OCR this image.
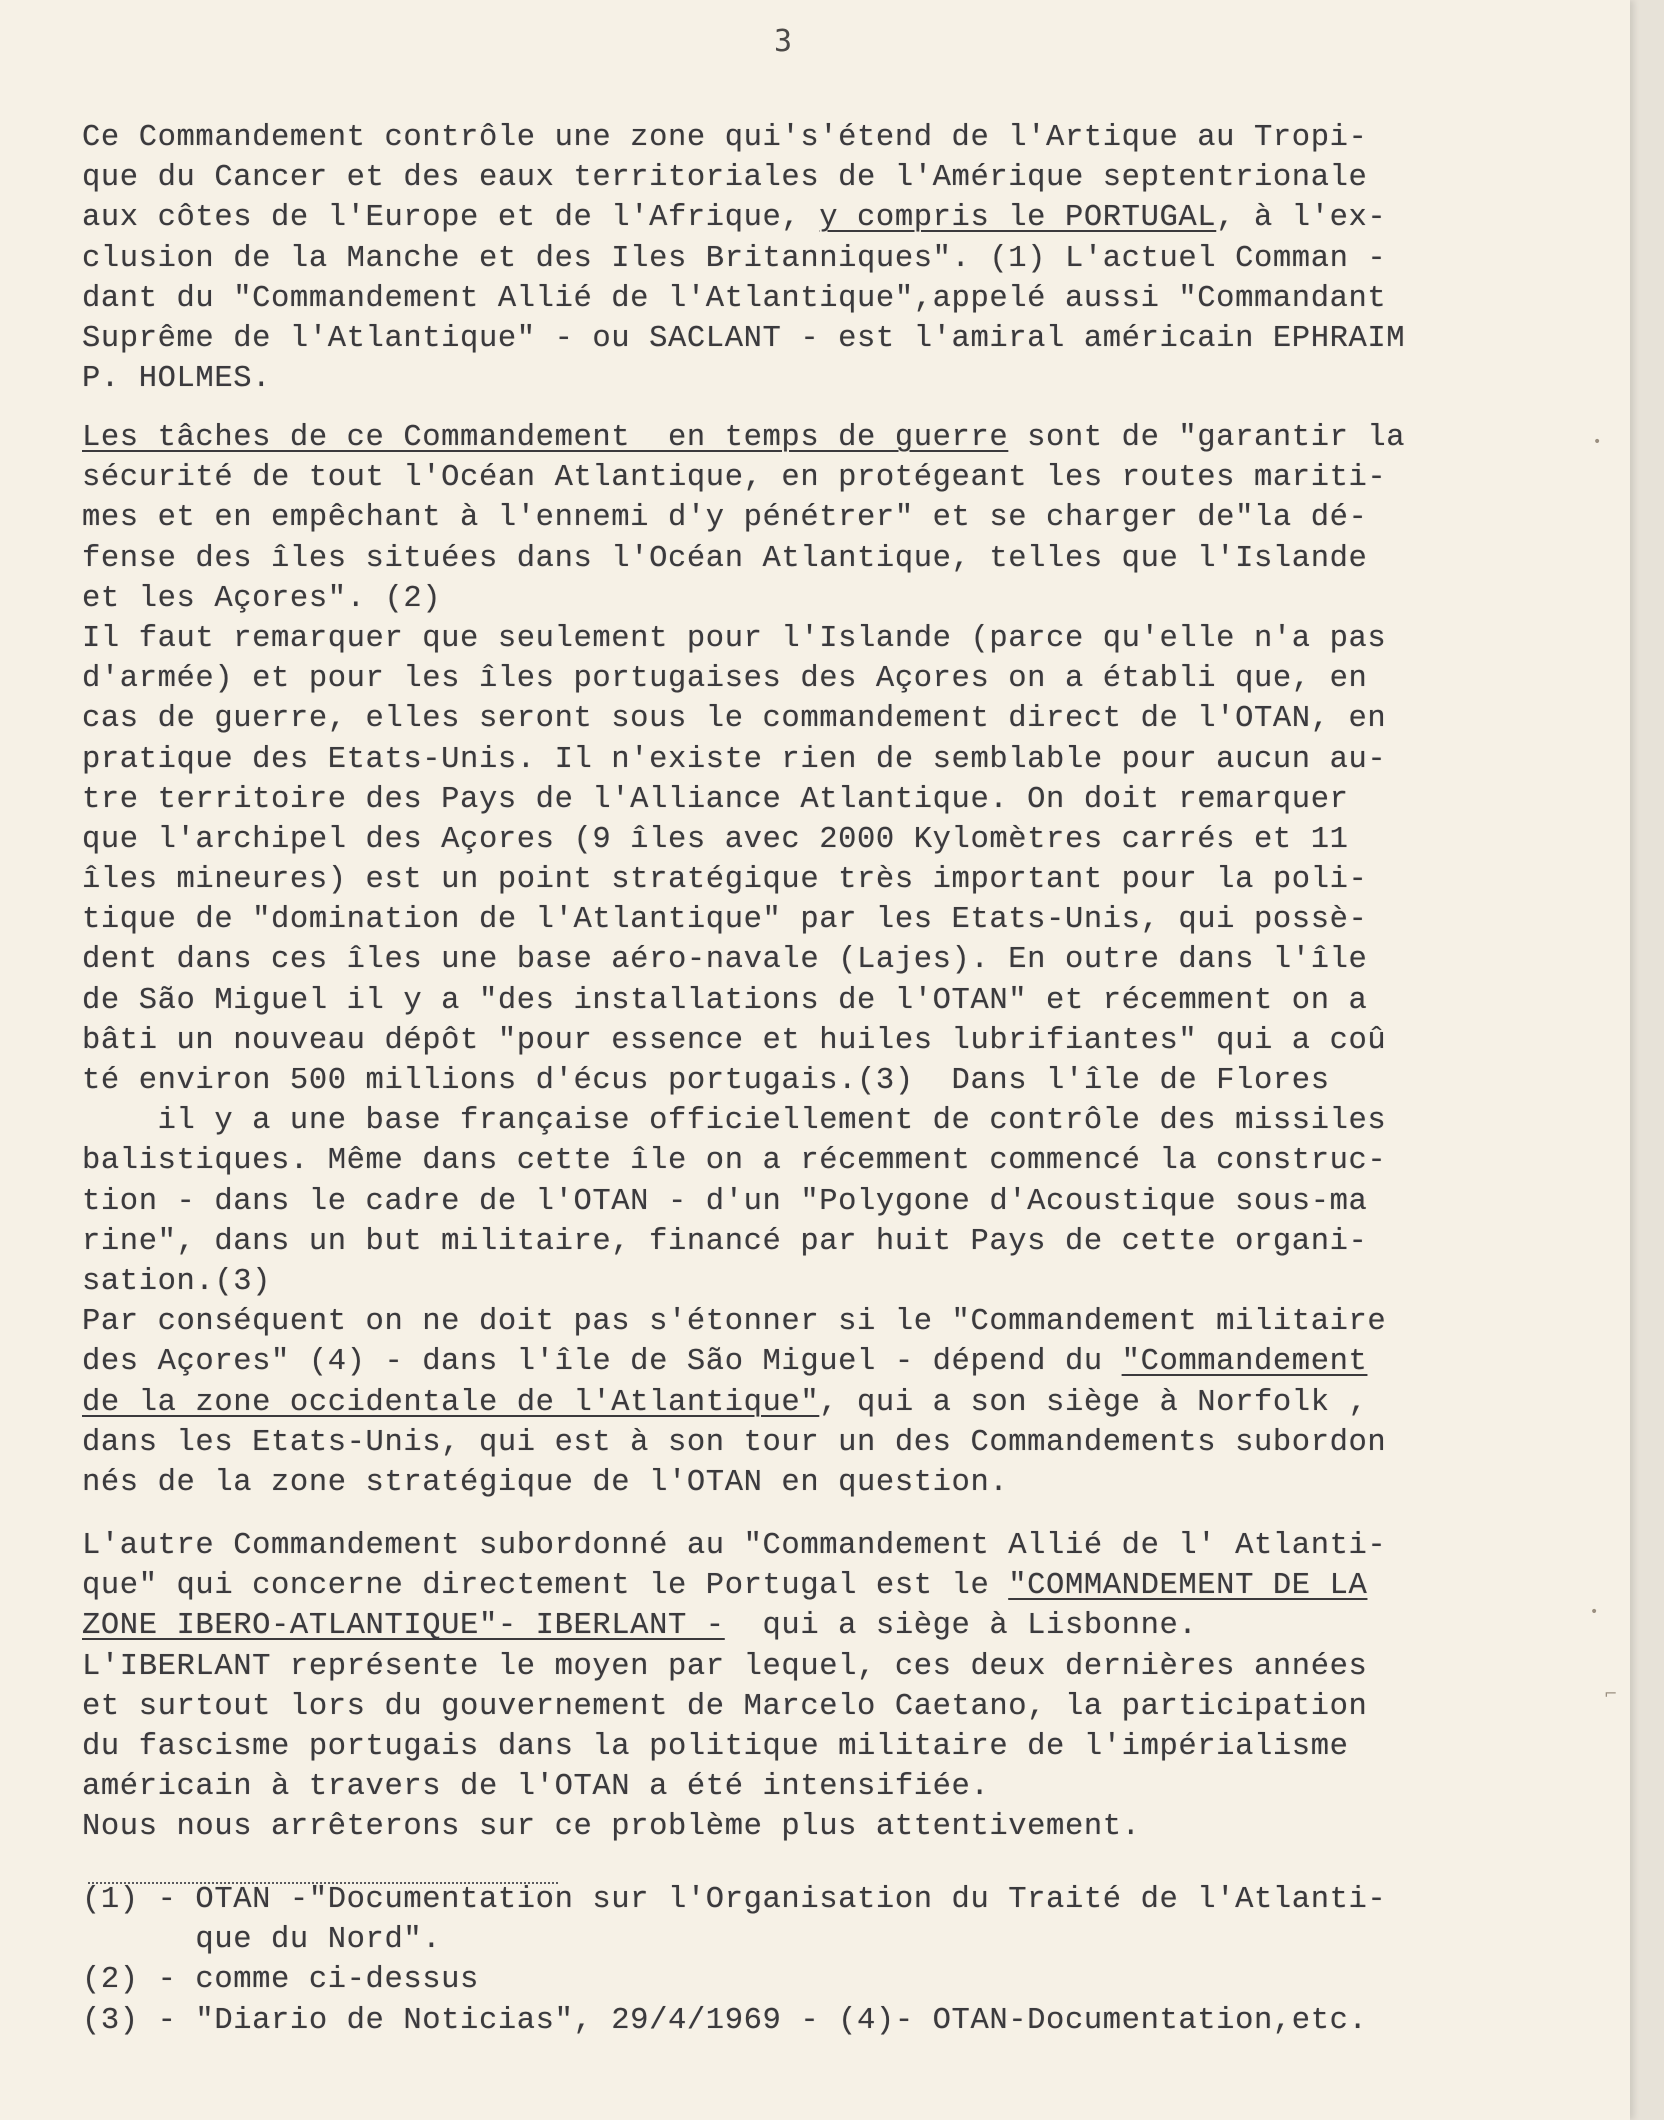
3
Ce Commandement contrôle une zone qui's'étend de l'Artique au Tropi-
que du Cancer et des eaux territoriales de l'Amérique septentrionale
aux côtes de l'Europe et de l'Afrique, y compris le PORTUGAL, à l'ex-
clusion de la Manche et des Iles Britanniques". (1) L'actuel Comman -
dant du "Commandement Allié de l'Atlantique",appelé aussi "Commandant
Suprême de l'Atlantique" - ou SACLANT - est l'amiral américain EPHRAIM
P. HOLMES.
Les tâches de ce Commandement  en temps de guerre sont de "garantir la
sécurité de tout l'Océan Atlantique, en protégeant les routes mariti-
mes et en empêchant à l'ennemi d'y pénétrer" et se charger de"la dé-
fense des îles situées dans l'Océan Atlantique, telles que l'Islande
et les Açores". (2)
Il faut remarquer que seulement pour l'Islande (parce qu'elle n'a pas
d'armée) et pour les îles portugaises des Açores on a établi que, en
cas de guerre, elles seront sous le commandement direct de l'OTAN, en
pratique des Etats-Unis. Il n'existe rien de semblable pour aucun au-
tre territoire des Pays de l'Alliance Atlantique. On doit remarquer
que l'archipel des Açores (9 îles avec 2000 Kylomètres carrés et 11
îles mineures) est un point stratégique très important pour la poli-
tique de "domination de l'Atlantique" par les Etats-Unis, qui possè-
dent dans ces îles une base aéro-navale (Lajes). En outre dans l'île
de São Miguel il y a "des installations de l'OTAN" et récemment on a
bâti un nouveau dépôt "pour essence et huiles lubrifiantes" qui a coû
té environ 500 millions d'écus portugais.(3)  Dans l'île de Flores
il y a une base française officiellement de contrôle des missiles
balistiques. Même dans cette île on a récemment commencé la construc-
tion - dans le cadre de l'OTAN - d'un "Polygone d'Acoustique sous-ma
rine", dans un but militaire, financé par huit Pays de cette organi-
sation.(3)
Par conséquent on ne doit pas s'étonner si le "Commandement militaire
des Açores" (4) - dans l'île de São Miguel - dépend du "Commandement
de la zone occidentale de l'Atlantique", qui a son siège à Norfolk ,
dans les Etats-Unis, qui est à son tour un des Commandements subordon
nés de la zone stratégique de l'OTAN en question.
L'autre Commandement subordonné au "Commandement Allié de l' Atlanti-
que" qui concerne directement le Portugal est le "COMMANDEMENT DE LA
ZONE IBERO-ATLANTIQUE"- IBERLANT -  qui a siège à Lisbonne.
L'IBERLANT représente le moyen par lequel, ces deux dernières années
et surtout lors du gouvernement de Marcelo Caetano, la participation
du fascisme portugais dans la politique militaire de l'impérialisme
américain à travers de l'OTAN a été intensifiée.
Nous nous arrêterons sur ce problème plus attentivement.
(1) - OTAN -"Documentation sur l'Organisation du Traité de l'Atlanti-
que du Nord".
(2) - comme ci-dessus
(3) - "Diario de Noticias", 29/4/1969 - (4)- OTAN-Documentation,etc.
•
•
⌐
